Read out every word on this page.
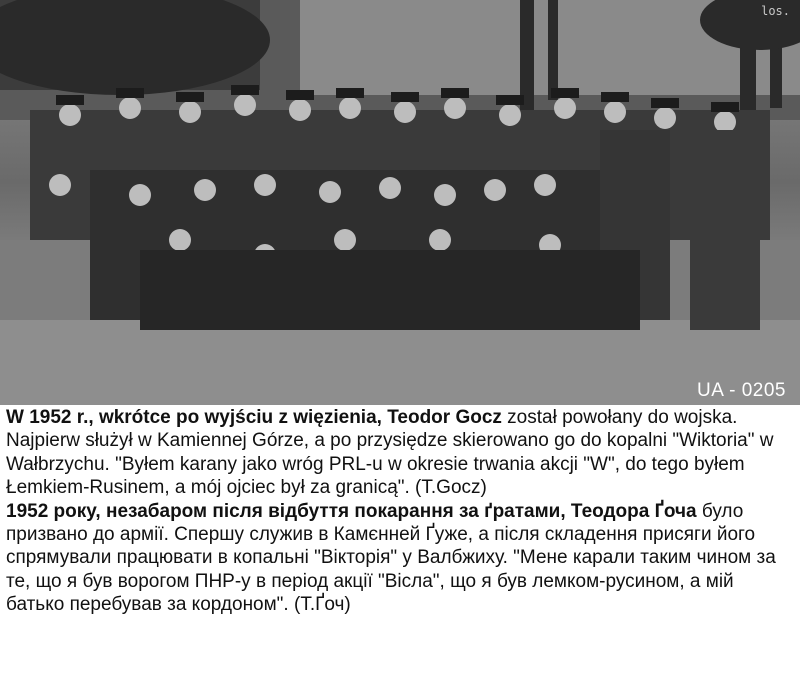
los.
UA - 0205

W 1952 r., wkrótce po wyjściu z więzienia, Teodor Gocz został powołany do wojska. Najpierw służył w Kamiennej Górze, a po przysiędze skierowano go do kopalni "Wiktoria" w Wałbrzychu. "Byłem karany jako wróg PRL-u w okresie trwania akcji "W", do tego byłem Łemkiem-Rusinem, a mój ojciec był za granicą". (T.Gocz)

1952 року, незабаром після відбуття покарання за ґратами, Теодора Ґоча було призвано до армії. Спершу служив в Камєнней Ґуже, а після складення присяги його спрямували працювати в копальні "Вікторія" у Валбжиху. "Мене карали таким чином за те, що я був ворогом ПНР-у в період акції "Вісла", що я був лемком-русином, а мій батько перебував за кордоном". (Т.Ґоч)
